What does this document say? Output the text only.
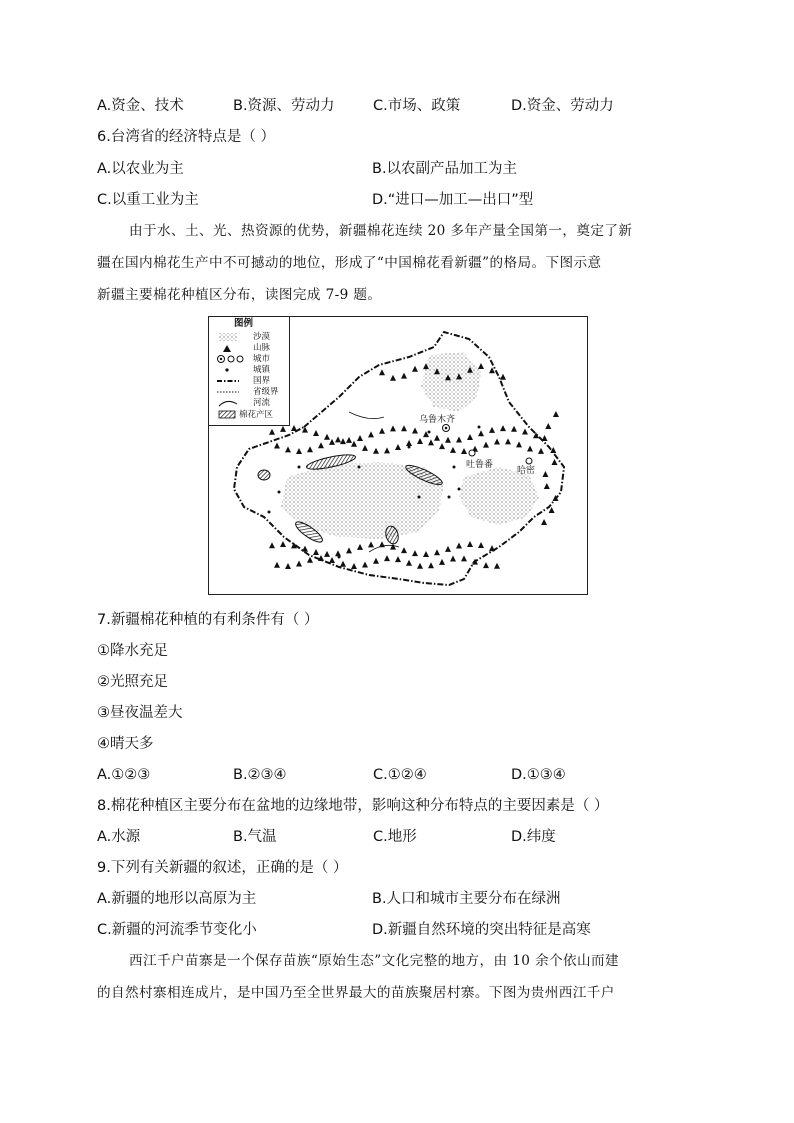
A.资金、技术	B.资源、劳动力	C.市场、政策	D.资金、劳动力
6.台湾省的经济特点是（ ）
A.以农业为主	B.以农副产品加工为主
C.以重工业为主	D.“进口—加工—出口”型

由于水、土、光、热资源的优势，新疆棉花连续 20 多年产量全国第一，奠定了新

疆在国内棉花生产中不可撼动的地位，形成了“中国棉花看新疆”的格局。下图示意

新疆主要棉花种植区分布，读图完成 7-9 题。

乌鲁木齐
吐鲁番
哈密
图例
沙漠
山脉
城市
城镇
国界
省级界
河流
棉花产区
7.新疆棉花种植的有利条件有（ ）
①降水充足
②光照充足
③昼夜温差大
④晴天多
A.①②③	B.②③④	C.①②④	D.①③④
8.棉花种植区主要分布在盆地的边缘地带，影响这种分布特点的主要因素是（ ）
A.水源	B.气温	C.地形	D.纬度
9.下列有关新疆的叙述，正确的是（ ）
A.新疆的地形以高原为主	B.人口和城市主要分布在绿洲
C.新疆的河流季节变化小	D.新疆自然环境的突出特征是高寒

西江千户苗寨是一个保存苗族“原始生态”文化完整的地方，由 10 余个依山而建

的自然村寨相连成片，是中国乃至全世界最大的苗族聚居村寨。下图为贵州西江千户
